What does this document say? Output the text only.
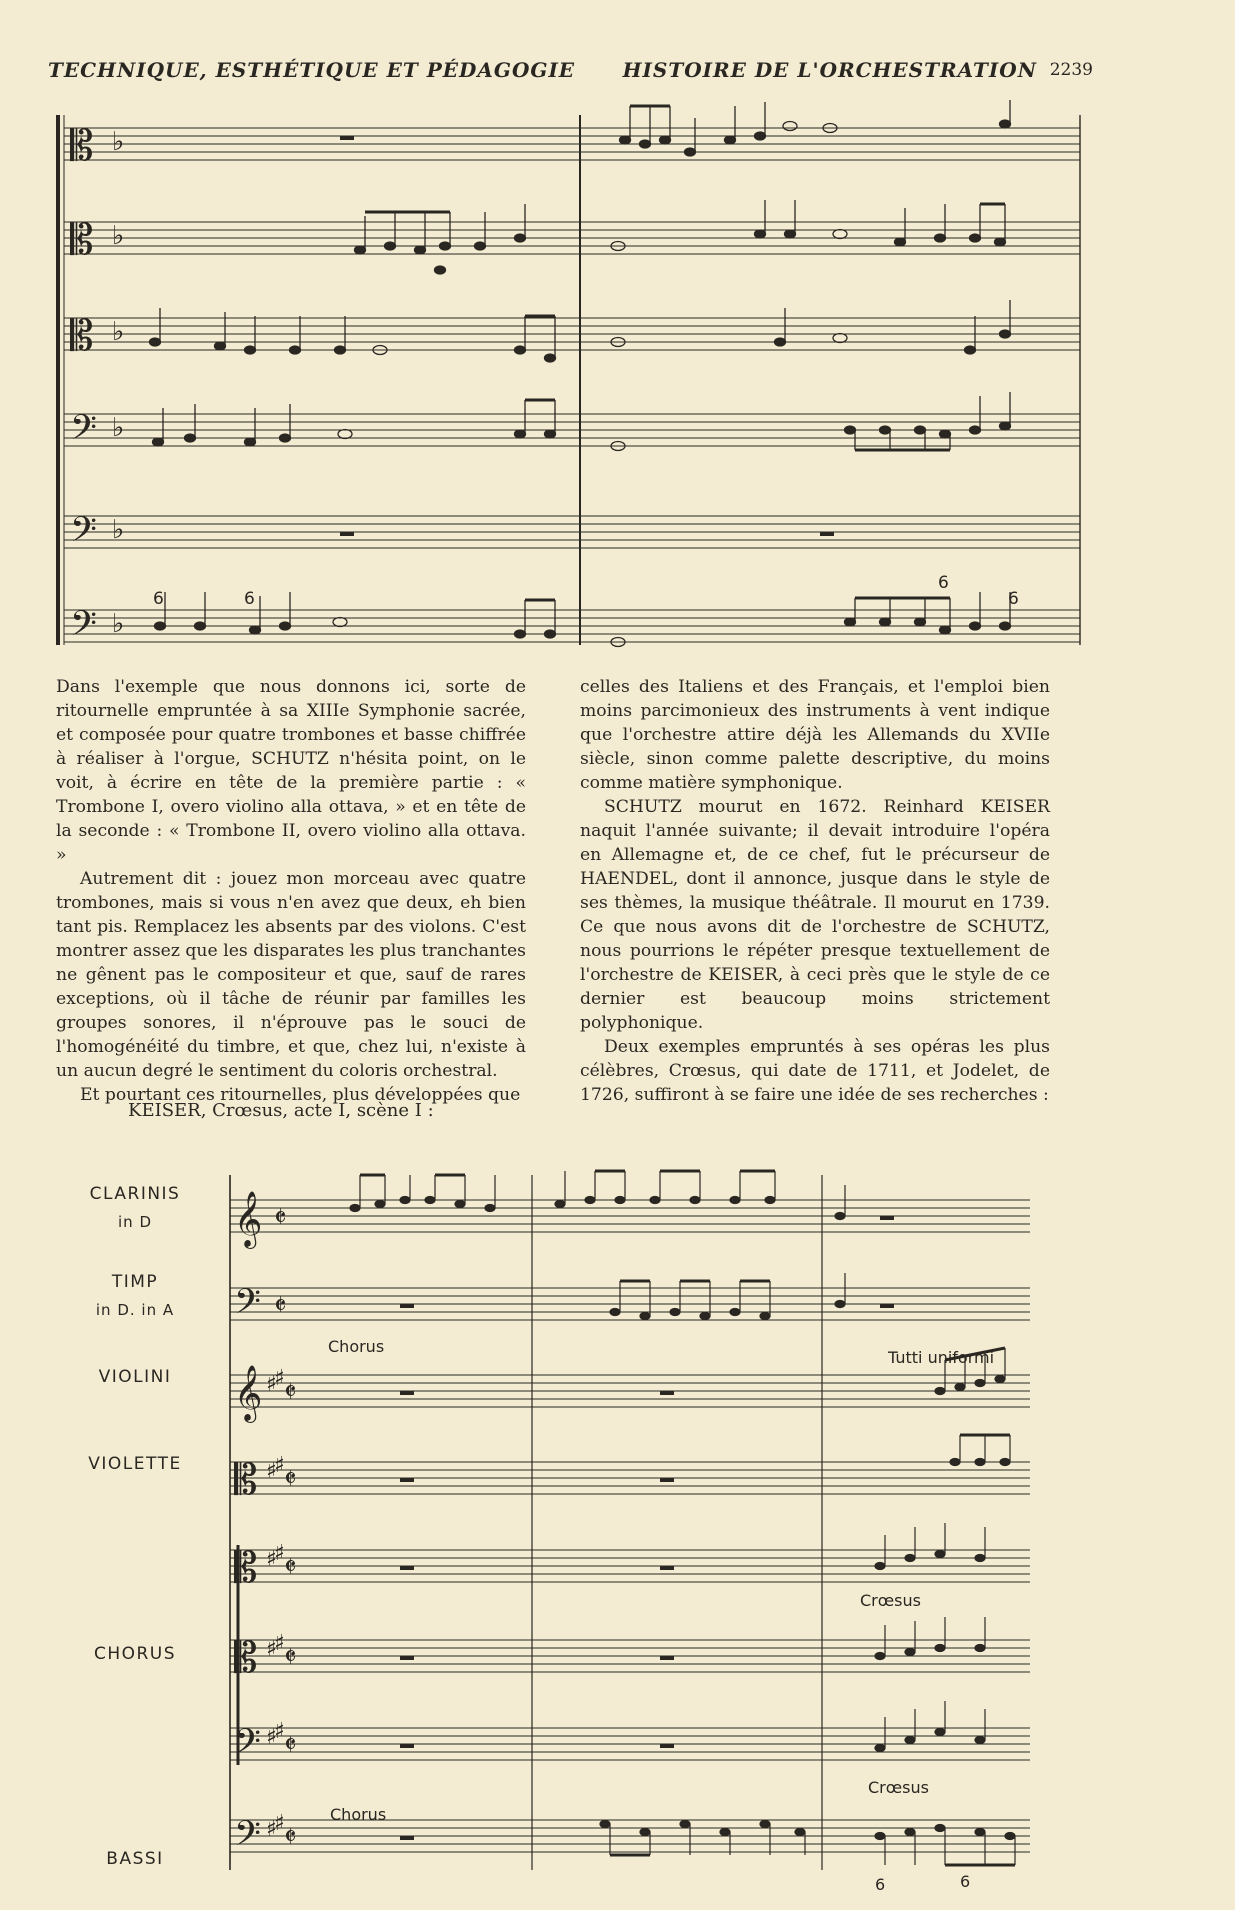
TECHNIQUE, ESTHÉTIQUE ET PÉDAGOGIE HISTOIRE DE L'ORCHESTRATION 2239
𝄡
𝄡
𝄡
𝄢
𝄢
𝄢
♭
♭
♭
♭
♭
♭
6	6
6
6

Dans l'exemple que nous donnons ici, sorte de ritournelle empruntée à sa XIIIe Symphonie sacrée, et composée pour quatre trombones et basse chiffrée à réaliser à l'orgue, SCHUTZ n'hésita point, on le voit, à écrire en tête de la première partie : « Trombone I, overo violino alla ottava, » et en tête de la seconde : « Trombone II, overo violino alla ottava. »

Autrement dit : jouez mon morceau avec quatre trombones, mais si vous n'en avez que deux, eh bien tant pis. Remplacez les absents par des violons. C'est montrer assez que les disparates les plus tranchantes ne gênent pas le compositeur et que, sauf de rares exceptions, où il tâche de réunir par familles les groupes sonores, il n'éprouve pas le souci de l'homogénéité du timbre, et que, chez lui, n'existe à un aucun degré le sentiment du coloris orchestral.

Et pourtant ces ritournelles, plus développées que

celles des Italiens et des Français, et l'emploi bien moins parcimonieux des instruments à vent indique que l'orchestre attire déjà les Allemands du XVIIe siècle, sinon comme palette descriptive, du moins comme matière symphonique.

SCHUTZ mourut en 1672. Reinhard KEISER naquit l'année suivante; il devait introduire l'opéra en Allemagne et, de ce chef, fut le précurseur de HAENDEL, dont il annonce, jusque dans le style de ses thèmes, la musique théâtrale. Il mourut en 1739. Ce que nous avons dit de l'orchestre de SCHUTZ, nous pourrions le répéter presque textuellement de l'orchestre de KEISER, à ceci près que le style de ce dernier est beaucoup moins strictement polyphonique.

Deux exemples empruntés à ses opéras les plus célèbres, Crœsus, qui date de 1711, et Jodelet, de 1726, suffiront à se faire une idée de ses recherches :

KEISER, Crœsus, acte I, scène I :
CLARINIS
in D
TIMP
in D. in A
VIOLINI
VIOLETTE
CHORUS
BASSI
𝄞
𝄢
𝄞
𝄡
𝄡
𝄡
𝄢
𝄢
𝄵
𝄵
𝄵
𝄵
𝄵
𝄵
𝄵
𝄵
♯
♯
♯
♯
♯
♯
♯
♯
♯
♯
♯
♯
Chorus
Tutti uniformi
Crœsus
Crœsus
Chorus
6	6
